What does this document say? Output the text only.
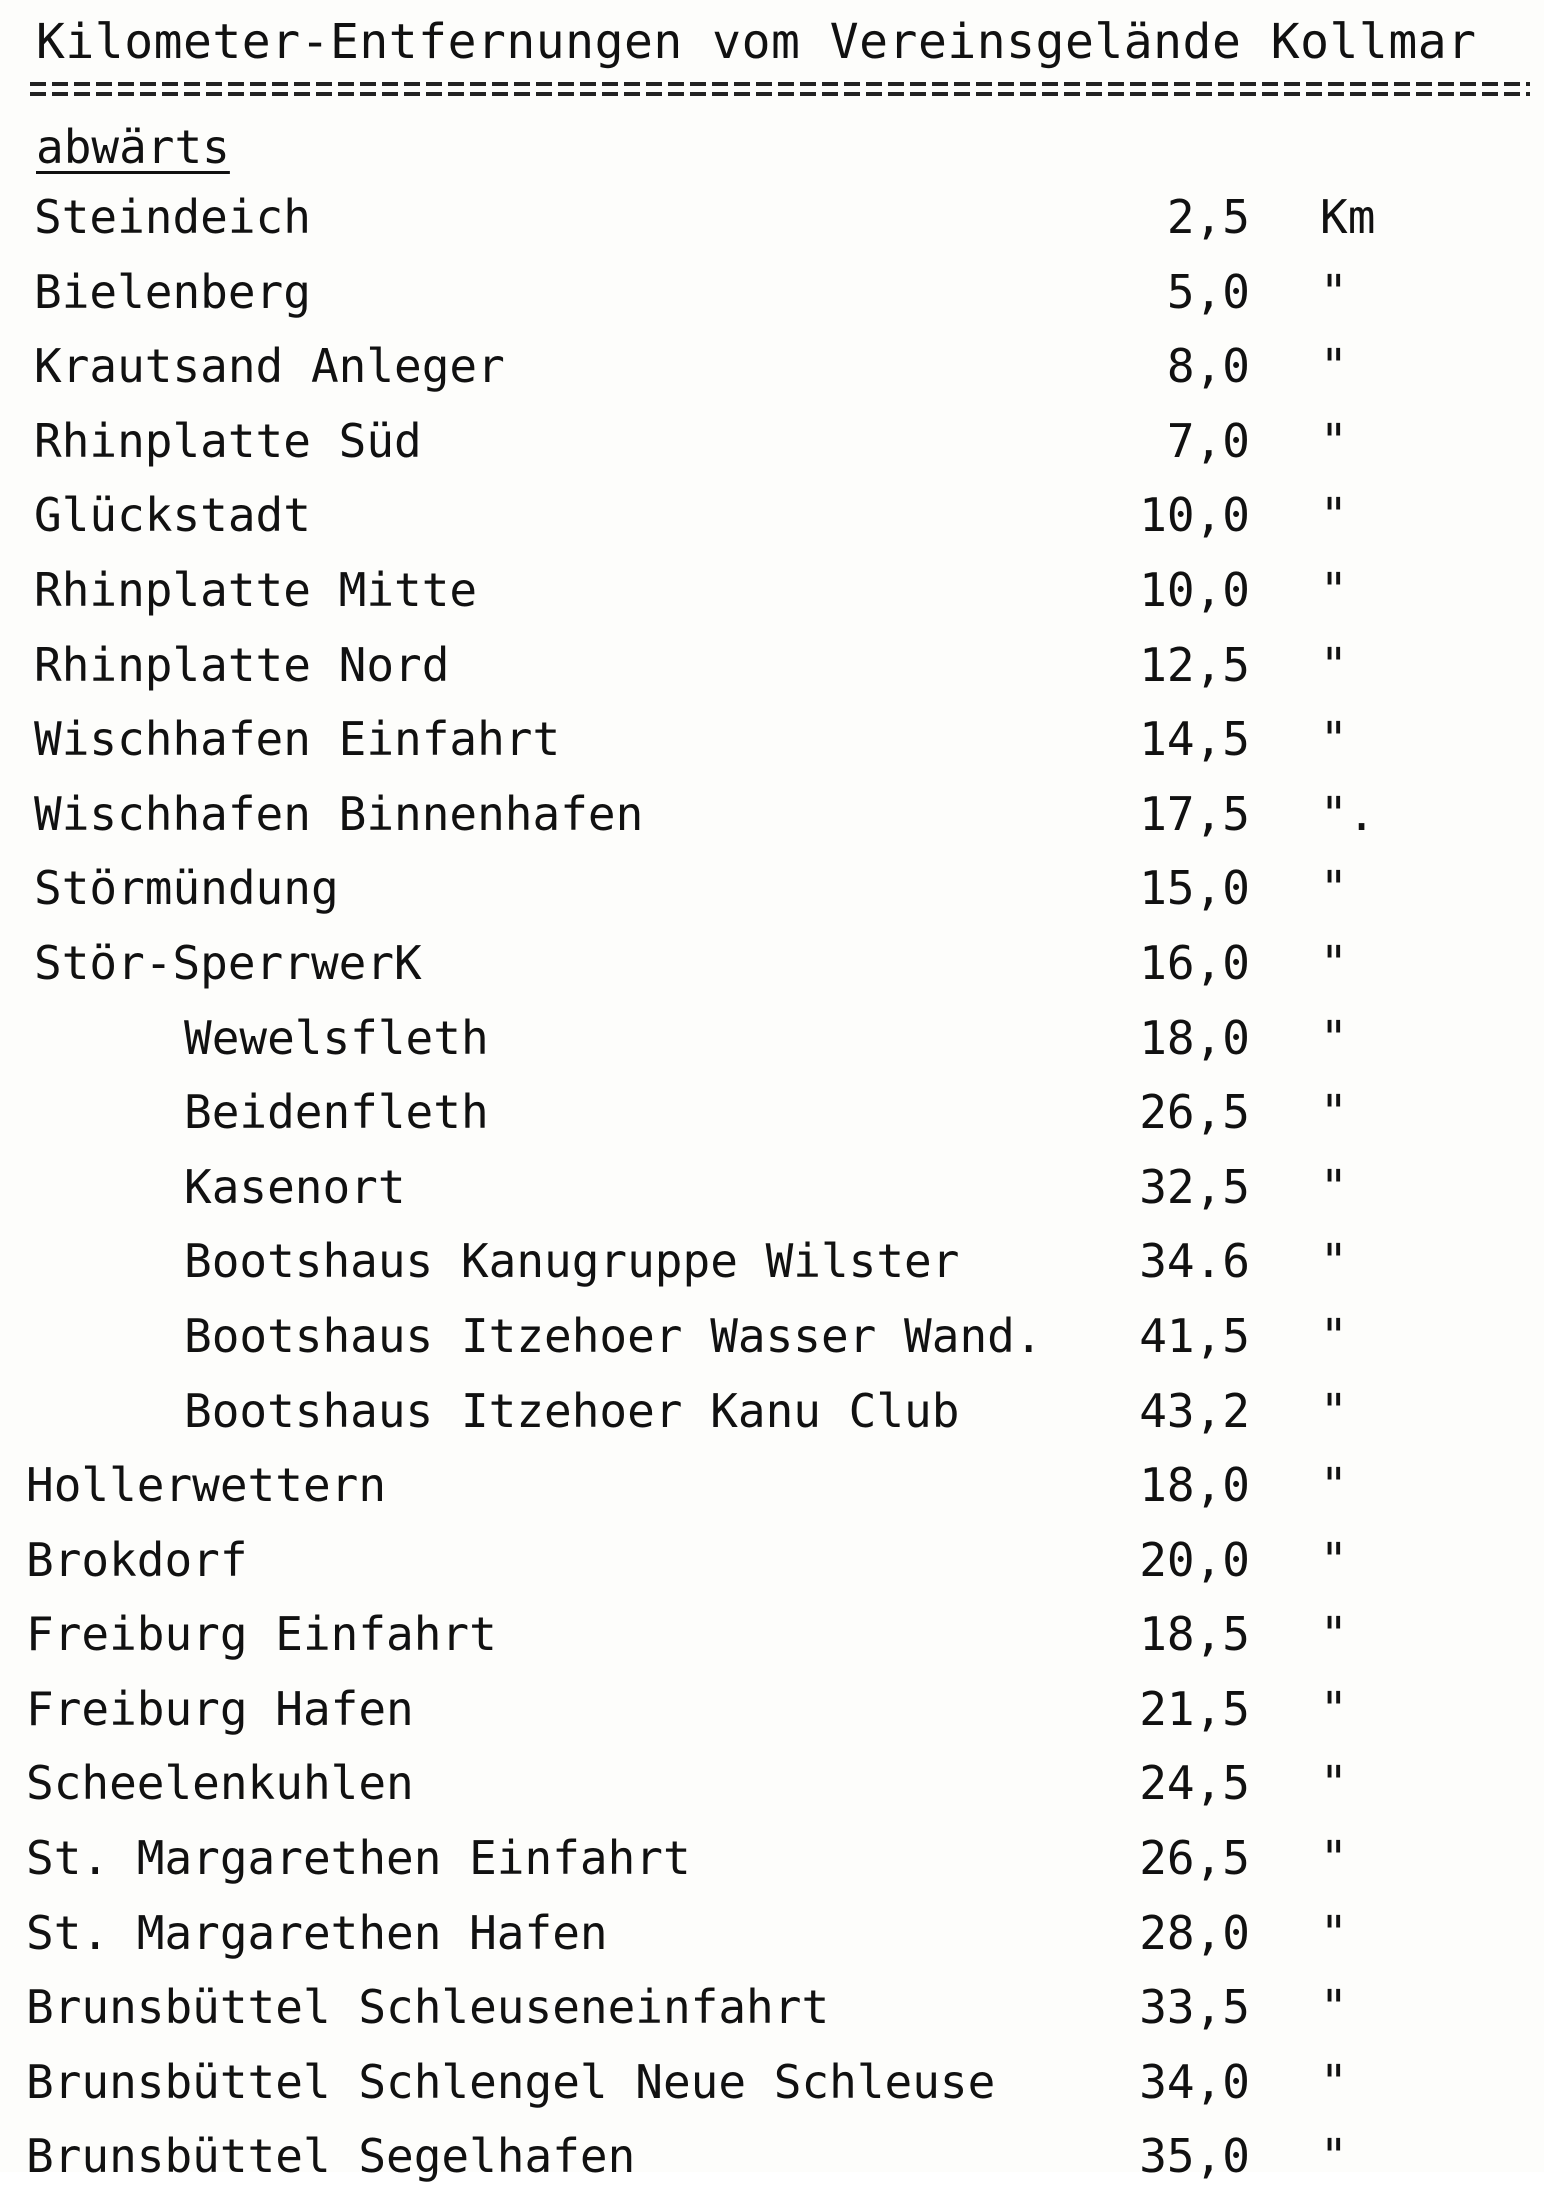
Kilometer-Entfernungen vom Vereinsgelände Kollmar
abwärts
Steindeich	2,5 Km
Bielenberg	5,0 "
Krautsand Anleger	8,0 "
Rhinplatte Süd	7,0 "
Glückstadt	10,0 "
Rhinplatte Mitte	10,0 "
Rhinplatte Nord	12,5 "
Wischhafen Einfahrt	14,5 "
Wischhafen Binnenhafen	17,5 ".
Störmündung	15,0 "
Stör-SperrwerK	16,0 "
Wewelsfleth	18,0 "
Beidenfleth	26,5 "
Kasenort	32,5 "
Bootshaus Kanugruppe Wilster	34.6 "
Bootshaus Itzehoer Wasser Wand. 41,5 "
Bootshaus Itzehoer Kanu Club	43,2 "
Hollerwettern	18,0 "
Brokdorf	20,0 "
Freiburg Einfahrt	18,5 "
Freiburg Hafen	21,5 "
Scheelenkuhlen	24,5 "
St. Margarethen Einfahrt	26,5 "
St. Margarethen Hafen	28,0 "
Brunsbüttel Schleuseneinfahrt	33,5 "
Brunsbüttel Schlengel Neue Schleuse	34,0 "
Brunsbüttel Segelhafen	35,0 "
